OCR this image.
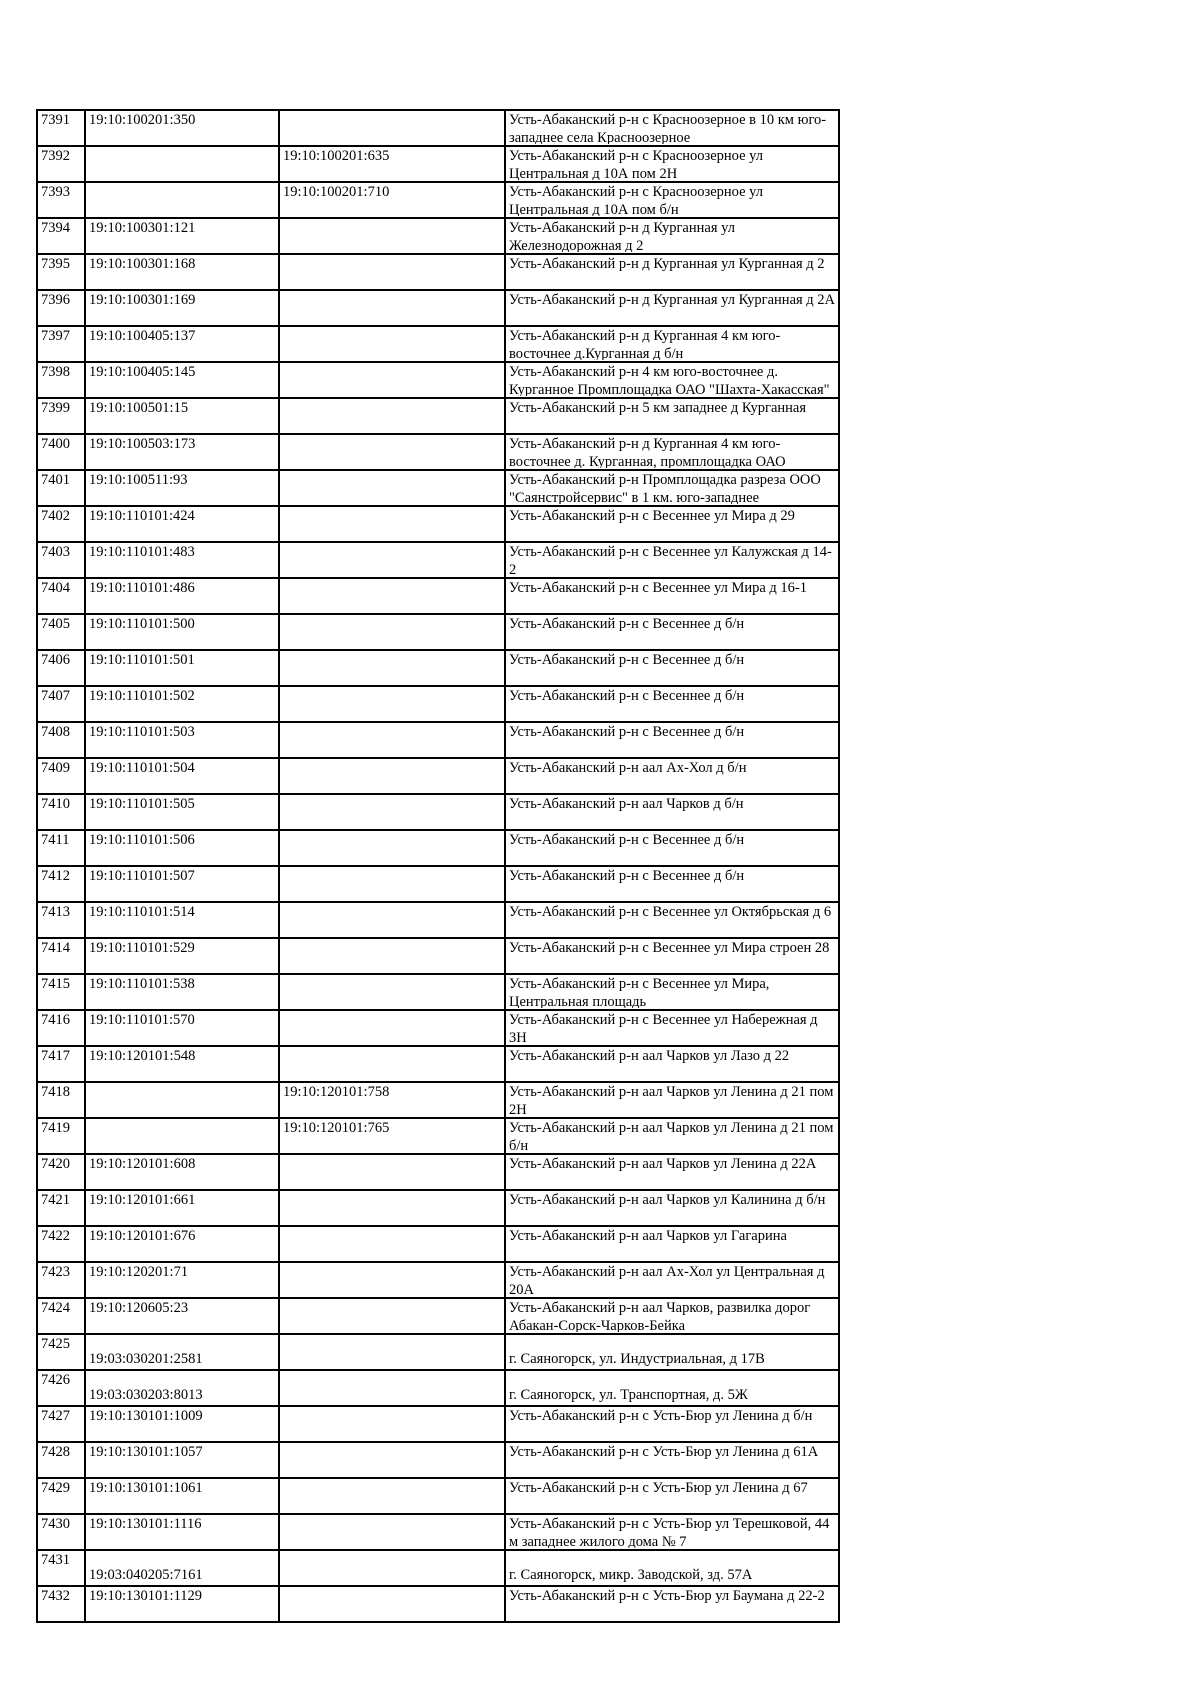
7391	19:10:100201:350		Усть-Абаканский р-н с Красноозерное в 10 км юго-западнее села Красноозерное

7392		19:10:100201:635	Усть-Абаканский р-н с Красноозерное ул Центральная д 10А пом 2Н

7393		19:10:100201:710	Усть-Абаканский р-н с Красноозерное ул Центральная д 10А пом б/н

7394	19:10:100301:121		Усть-Абаканский р-н д Курганная ул Железнодорожная д 2

7395	19:10:100301:168		Усть-Абаканский р-н д Курганная ул Курганная д 2

7396	19:10:100301:169		Усть-Абаканский р-н д Курганная ул Курганная д 2А

7397	19:10:100405:137		Усть-Абаканский р-н д Курганная 4 км юго-восточнее д.Курганная д б/н

7398	19:10:100405:145		Усть-Абаканский р-н 4 км юго-восточнее д. Курганное Промплощадка ОАО "Шахта-Хакасская"

7399	19:10:100501:15		Усть-Абаканский р-н 5 км западнее д Курганная

7400	19:10:100503:173		Усть-Абаканский р-н д Курганная 4 км юго-восточнее д. Курганная, промплощадка ОАО

7401	19:10:100511:93		Усть-Абаканский р-н Промплощадка разреза ООО "Саянстройсервис" в 1 км. юго-западнее

7402	19:10:110101:424		Усть-Абаканский р-н с Весеннее ул Мира д 29

7403	19:10:110101:483		Усть-Абаканский р-н с Весеннее ул Калужская д 14-2

7404	19:10:110101:486		Усть-Абаканский р-н с Весеннее ул Мира д 16-1

7405	19:10:110101:500		Усть-Абаканский р-н с Весеннее д б/н

7406	19:10:110101:501		Усть-Абаканский р-н с Весеннее д б/н

7407	19:10:110101:502		Усть-Абаканский р-н с Весеннее д б/н

7408	19:10:110101:503		Усть-Абаканский р-н с Весеннее д б/н

7409	19:10:110101:504		Усть-Абаканский р-н аал Ах-Хол д б/н

7410	19:10:110101:505		Усть-Абаканский р-н аал Чарков д б/н

7411	19:10:110101:506		Усть-Абаканский р-н с Весеннее д б/н

7412	19:10:110101:507		Усть-Абаканский р-н с Весеннее д б/н

7413	19:10:110101:514		Усть-Абаканский р-н с Весеннее ул Октябрьская д 6

7414	19:10:110101:529		Усть-Абаканский р-н с Весеннее ул Мира строен 28

7415	19:10:110101:538		Усть-Абаканский р-н с Весеннее ул Мира, Центральная площадь

7416	19:10:110101:570		Усть-Абаканский р-н с Весеннее ул Набережная д 3Н

7417	19:10:120101:548		Усть-Абаканский р-н аал Чарков ул Лазо д 22

7418		19:10:120101:758	Усть-Абаканский р-н аал Чарков ул Ленина д 21 пом 2Н

7419		19:10:120101:765	Усть-Абаканский р-н аал Чарков ул Ленина д 21 пом б/н

7420	19:10:120101:608		Усть-Абаканский р-н аал Чарков ул Ленина д 22А

7421	19:10:120101:661		Усть-Абаканский р-н аал Чарков ул Калинина д б/н

7422	19:10:120101:676		Усть-Абаканский р-н аал Чарков ул Гагарина

7423	19:10:120201:71		Усть-Абаканский р-н аал Ах-Хол ул Центральная д 20А

7424	19:10:120605:23		Усть-Абаканский р-н аал Чарков, развилка дорог Абакан-Сорск-Чарков-Бейка

7425	19:03:030201:2581		г. Саяногорск, ул. Индустриальная, д 17В

7426	19:03:030203:8013		г. Саяногорск, ул. Транспортная, д. 5Ж

7427	19:10:130101:1009		Усть-Абаканский р-н с Усть-Бюр ул Ленина д б/н

7428	19:10:130101:1057		Усть-Абаканский р-н с Усть-Бюр ул Ленина д 61А

7429	19:10:130101:1061		Усть-Абаканский р-н с Усть-Бюр ул Ленина д 67

7430	19:10:130101:1116		Усть-Абаканский р-н с Усть-Бюр ул Терешковой, 44 м западнее жилого дома № 7

7431	19:03:040205:7161		г. Саяногорск, микр. Заводской, зд. 57А

7432	19:10:130101:1129		Усть-Абаканский р-н с Усть-Бюр ул Баумана д 22-2
